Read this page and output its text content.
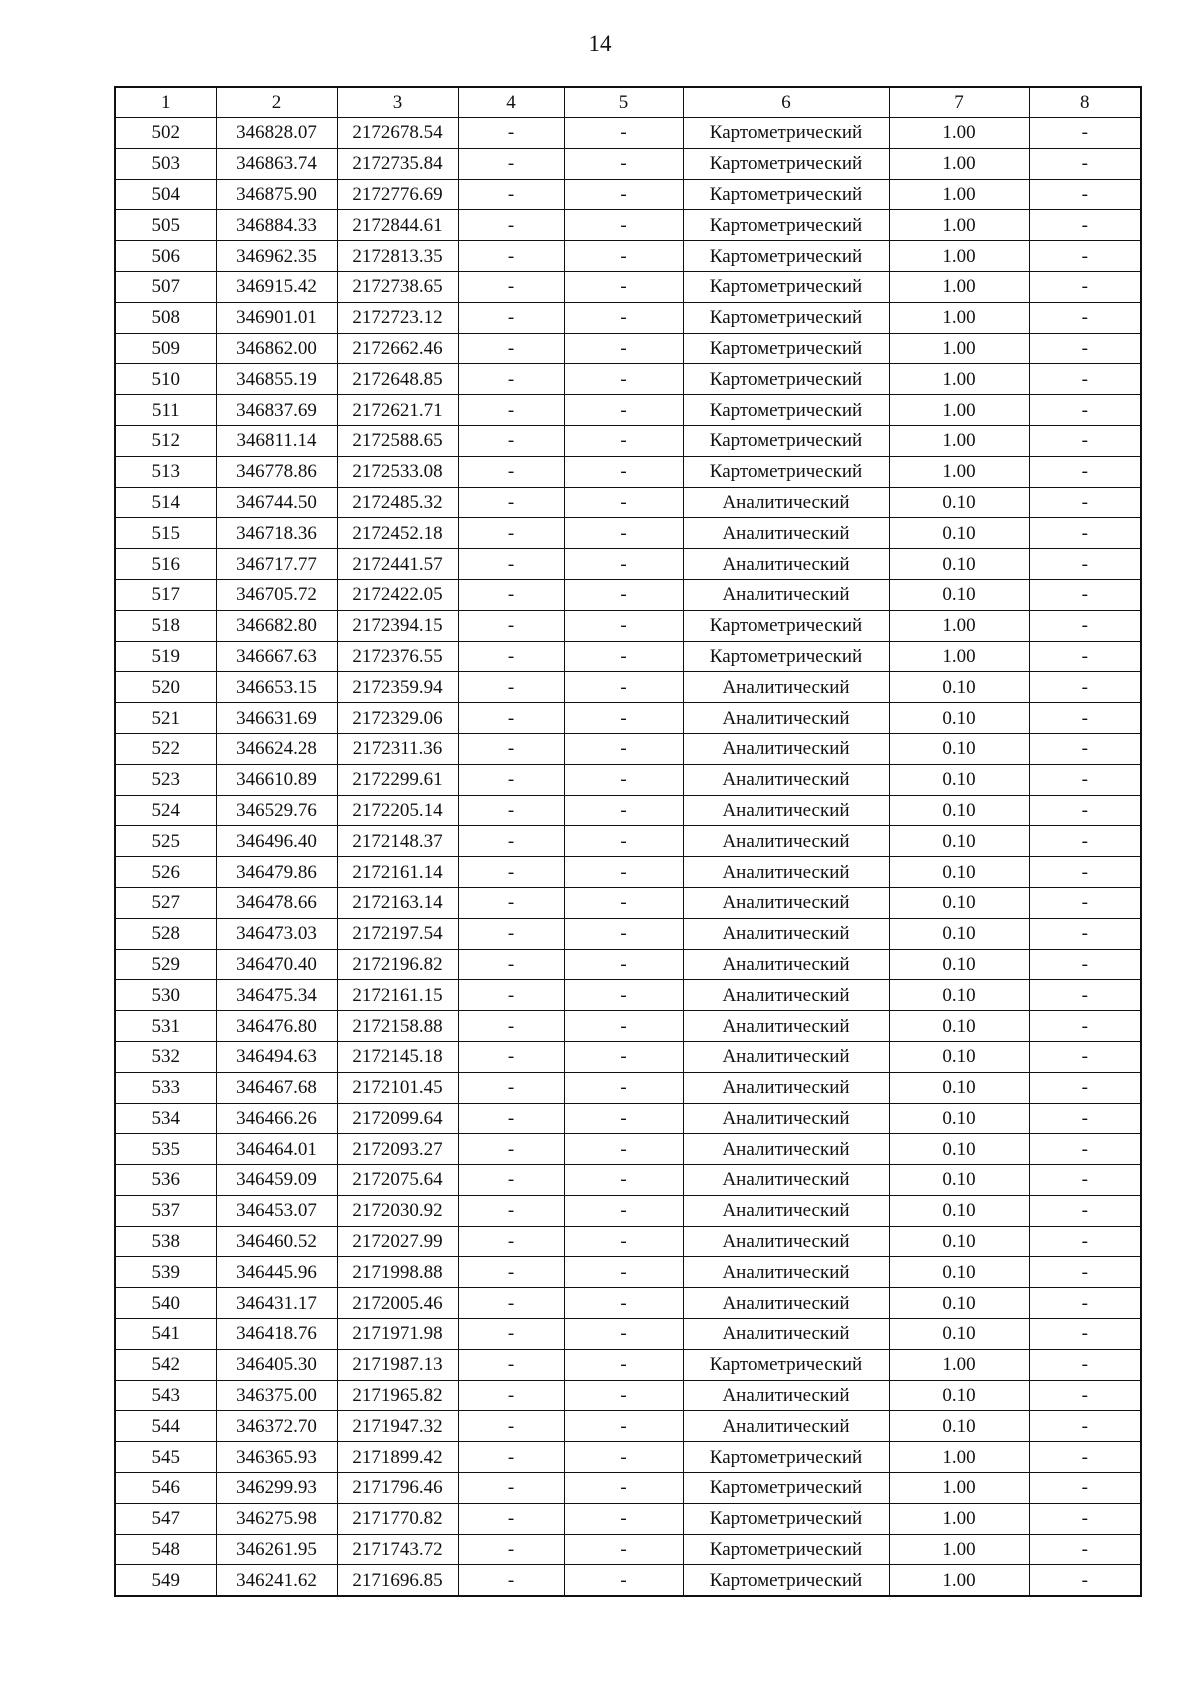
14
1	2	3	4	5	6	7	8
502	346828.07	2172678.54	-	-	Картометрический	1.00	-
503	346863.74	2172735.84	-	-	Картометрический	1.00	-
504	346875.90	2172776.69	-	-	Картометрический	1.00	-
505	346884.33	2172844.61	-	-	Картометрический	1.00	-
506	346962.35	2172813.35	-	-	Картометрический	1.00	-
507	346915.42	2172738.65	-	-	Картометрический	1.00	-
508	346901.01	2172723.12	-	-	Картометрический	1.00	-
509	346862.00	2172662.46	-	-	Картометрический	1.00	-
510	346855.19	2172648.85	-	-	Картометрический	1.00	-
511	346837.69	2172621.71	-	-	Картометрический	1.00	-
512	346811.14	2172588.65	-	-	Картометрический	1.00	-
513	346778.86	2172533.08	-	-	Картометрический	1.00	-
514	346744.50	2172485.32	-	-	Аналитический	0.10	-
515	346718.36	2172452.18	-	-	Аналитический	0.10	-
516	346717.77	2172441.57	-	-	Аналитический	0.10	-
517	346705.72	2172422.05	-	-	Аналитический	0.10	-
518	346682.80	2172394.15	-	-	Картометрический	1.00	-
519	346667.63	2172376.55	-	-	Картометрический	1.00	-
520	346653.15	2172359.94	-	-	Аналитический	0.10	-
521	346631.69	2172329.06	-	-	Аналитический	0.10	-
522	346624.28	2172311.36	-	-	Аналитический	0.10	-
523	346610.89	2172299.61	-	-	Аналитический	0.10	-
524	346529.76	2172205.14	-	-	Аналитический	0.10	-
525	346496.40	2172148.37	-	-	Аналитический	0.10	-
526	346479.86	2172161.14	-	-	Аналитический	0.10	-
527	346478.66	2172163.14	-	-	Аналитический	0.10	-
528	346473.03	2172197.54	-	-	Аналитический	0.10	-
529	346470.40	2172196.82	-	-	Аналитический	0.10	-
530	346475.34	2172161.15	-	-	Аналитический	0.10	-
531	346476.80	2172158.88	-	-	Аналитический	0.10	-
532	346494.63	2172145.18	-	-	Аналитический	0.10	-
533	346467.68	2172101.45	-	-	Аналитический	0.10	-
534	346466.26	2172099.64	-	-	Аналитический	0.10	-
535	346464.01	2172093.27	-	-	Аналитический	0.10	-
536	346459.09	2172075.64	-	-	Аналитический	0.10	-
537	346453.07	2172030.92	-	-	Аналитический	0.10	-
538	346460.52	2172027.99	-	-	Аналитический	0.10	-
539	346445.96	2171998.88	-	-	Аналитический	0.10	-
540	346431.17	2172005.46	-	-	Аналитический	0.10	-
541	346418.76	2171971.98	-	-	Аналитический	0.10	-
542	346405.30	2171987.13	-	-	Картометрический	1.00	-
543	346375.00	2171965.82	-	-	Аналитический	0.10	-
544	346372.70	2171947.32	-	-	Аналитический	0.10	-
545	346365.93	2171899.42	-	-	Картометрический	1.00	-
546	346299.93	2171796.46	-	-	Картометрический	1.00	-
547	346275.98	2171770.82	-	-	Картометрический	1.00	-
548	346261.95	2171743.72	-	-	Картометрический	1.00	-
549	346241.62	2171696.85	-	-	Картометрический	1.00	-
